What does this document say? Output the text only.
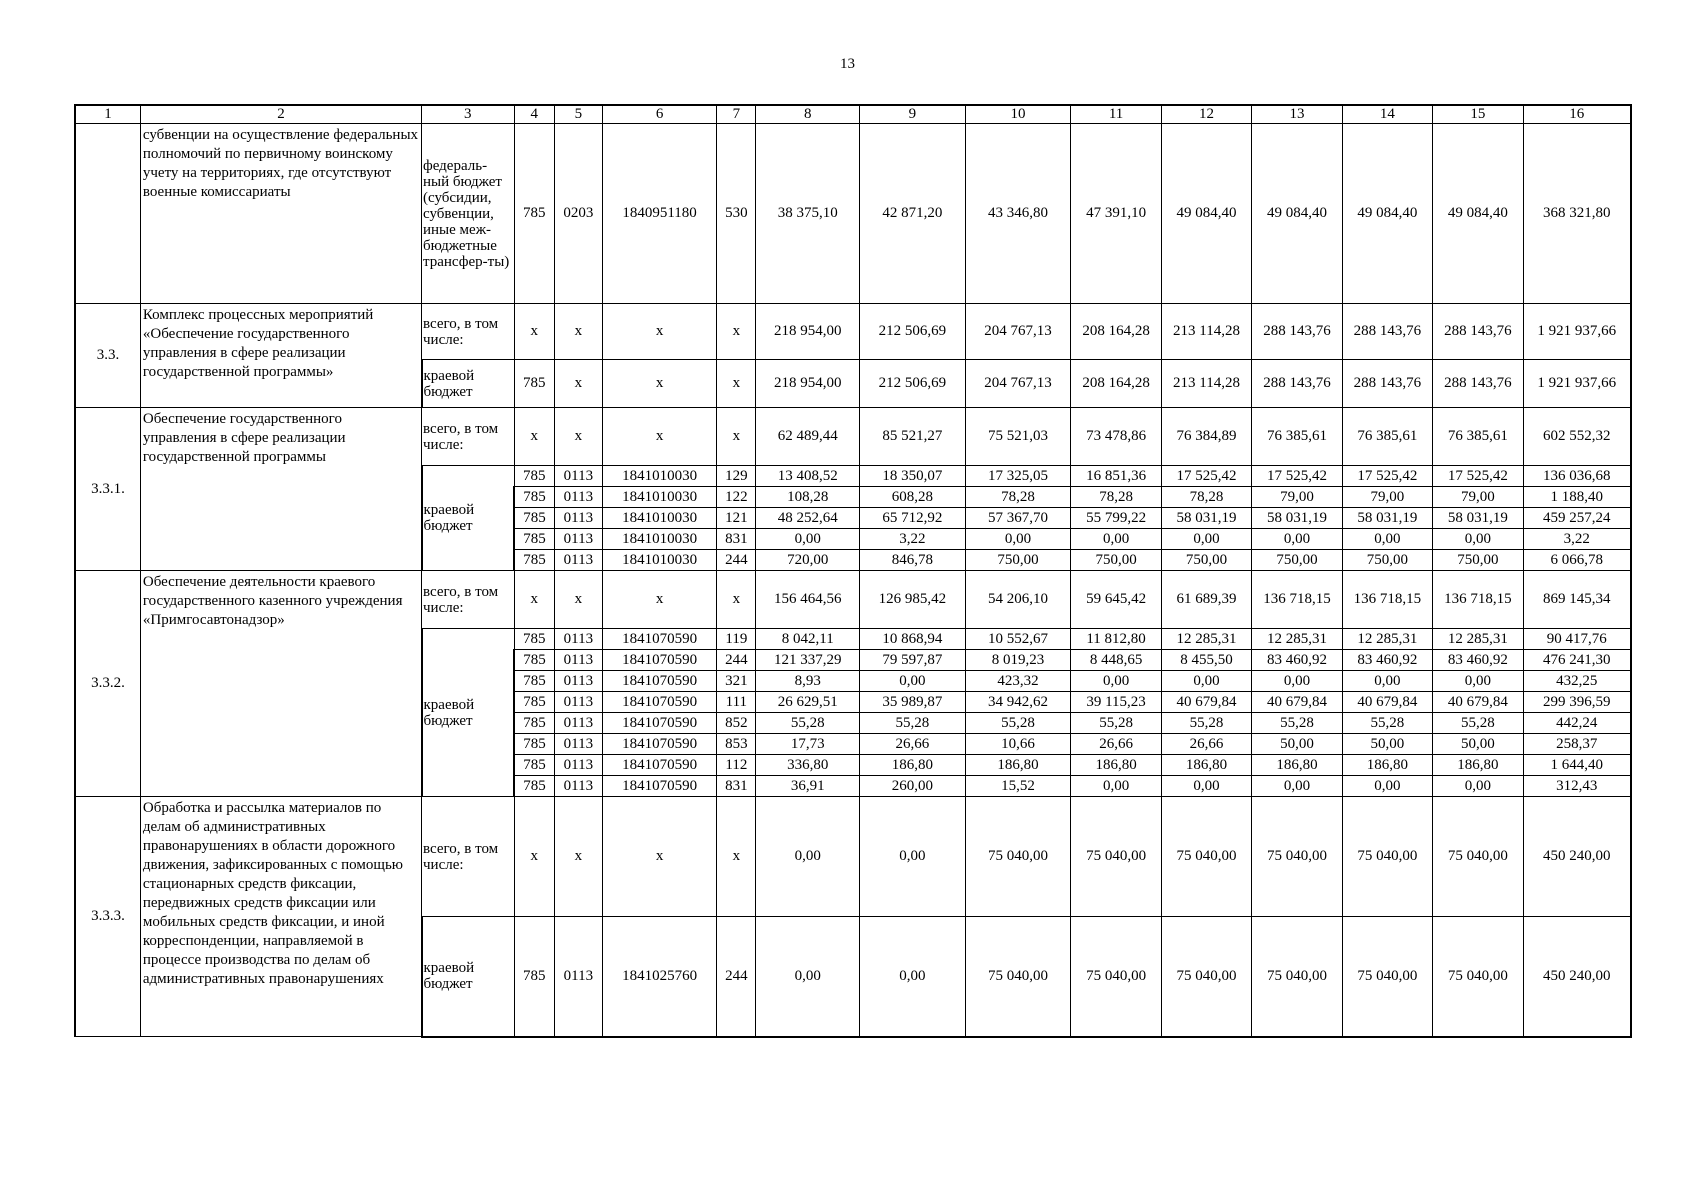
13
1	2	3	4	5	6	7	8	9	10	11	12	13	14	15	16
	субвенции на осуществление федеральных полномочий по первичному воинскому учету на территориях, где отсутствуют военные комиссариаты	федераль-ный бюджет (субсидии, субвенции, иные меж-бюджетные трансфер-ты)	785	0203	1840951180	530	38 375,10	42 871,20	43 346,80	47 391,10	49 084,40	49 084,40	49 084,40	49 084,40	368 321,80
3.3.	Комплекс процессных мероприятий «Обеспечение государственного управления в сфере реализации государственной программы»	всего, в том числе:	х	х	х	х	218 954,00	212 506,69	204 767,13	208 164,28	213 114,28	288 143,76	288 143,76	288 143,76	1 921 937,66
		краевой бюджет	785	х	х	х	218 954,00	212 506,69	204 767,13	208 164,28	213 114,28	288 143,76	288 143,76	288 143,76	1 921 937,66
3.3.1.	Обеспечение государственного управления в сфере реализации государственной программы	всего, в том числе:	х	х	х	х	62 489,44	85 521,27	75 521,03	73 478,86	76 384,89	76 385,61	76 385,61	76 385,61	602 552,32
		краевой бюджет	785	0113	1841010030	129	13 408,52	18 350,07	17 325,05	16 851,36	17 525,42	17 525,42	17 525,42	17 525,42	136 036,68
			785	0113	1841010030	122	108,28	608,28	78,28	78,28	78,28	79,00	79,00	79,00	1 188,40
			785	0113	1841010030	121	48 252,64	65 712,92	57 367,70	55 799,22	58 031,19	58 031,19	58 031,19	58 031,19	459 257,24
			785	0113	1841010030	831	0,00	3,22	0,00	0,00	0,00	0,00	0,00	0,00	3,22
			785	0113	1841010030	244	720,00	846,78	750,00	750,00	750,00	750,00	750,00	750,00	6 066,78
3.3.2.	Обеспечение деятельности краевого государственного казенного учреждения «Примгосавтонадзор»	всего, в том числе:	х	х	х	х	156 464,56	126 985,42	54 206,10	59 645,42	61 689,39	136 718,15	136 718,15	136 718,15	869 145,34
		краевой бюджет	785	0113	1841070590	119	8 042,11	10 868,94	10 552,67	11 812,80	12 285,31	12 285,31	12 285,31	12 285,31	90 417,76
			785	0113	1841070590	244	121 337,29	79 597,87	8 019,23	8 448,65	8 455,50	83 460,92	83 460,92	83 460,92	476 241,30
			785	0113	1841070590	321	8,93	0,00	423,32	0,00	0,00	0,00	0,00	0,00	432,25
			785	0113	1841070590	111	26 629,51	35 989,87	34 942,62	39 115,23	40 679,84	40 679,84	40 679,84	40 679,84	299 396,59
			785	0113	1841070590	852	55,28	55,28	55,28	55,28	55,28	55,28	55,28	55,28	442,24
			785	0113	1841070590	853	17,73	26,66	10,66	26,66	26,66	50,00	50,00	50,00	258,37
			785	0113	1841070590	112	336,80	186,80	186,80	186,80	186,80	186,80	186,80	186,80	1 644,40
			785	0113	1841070590	831	36,91	260,00	15,52	0,00	0,00	0,00	0,00	0,00	312,43
3.3.3.	Обработка и рассылка материалов по делам об административных правонарушениях в области дорожного движения, зафиксированных с помощью стационарных средств фиксации, передвижных средств фиксации или мобильных средств фиксации, и иной корреспонденции, направляемой в процессе производства по делам об административных правонарушениях	всего, в том числе:	х	х	х	х	0,00	0,00	75 040,00	75 040,00	75 040,00	75 040,00	75 040,00	75 040,00	450 240,00
		краевой бюджет	785	0113	1841025760	244	0,00	0,00	75 040,00	75 040,00	75 040,00	75 040,00	75 040,00	75 040,00	450 240,00
